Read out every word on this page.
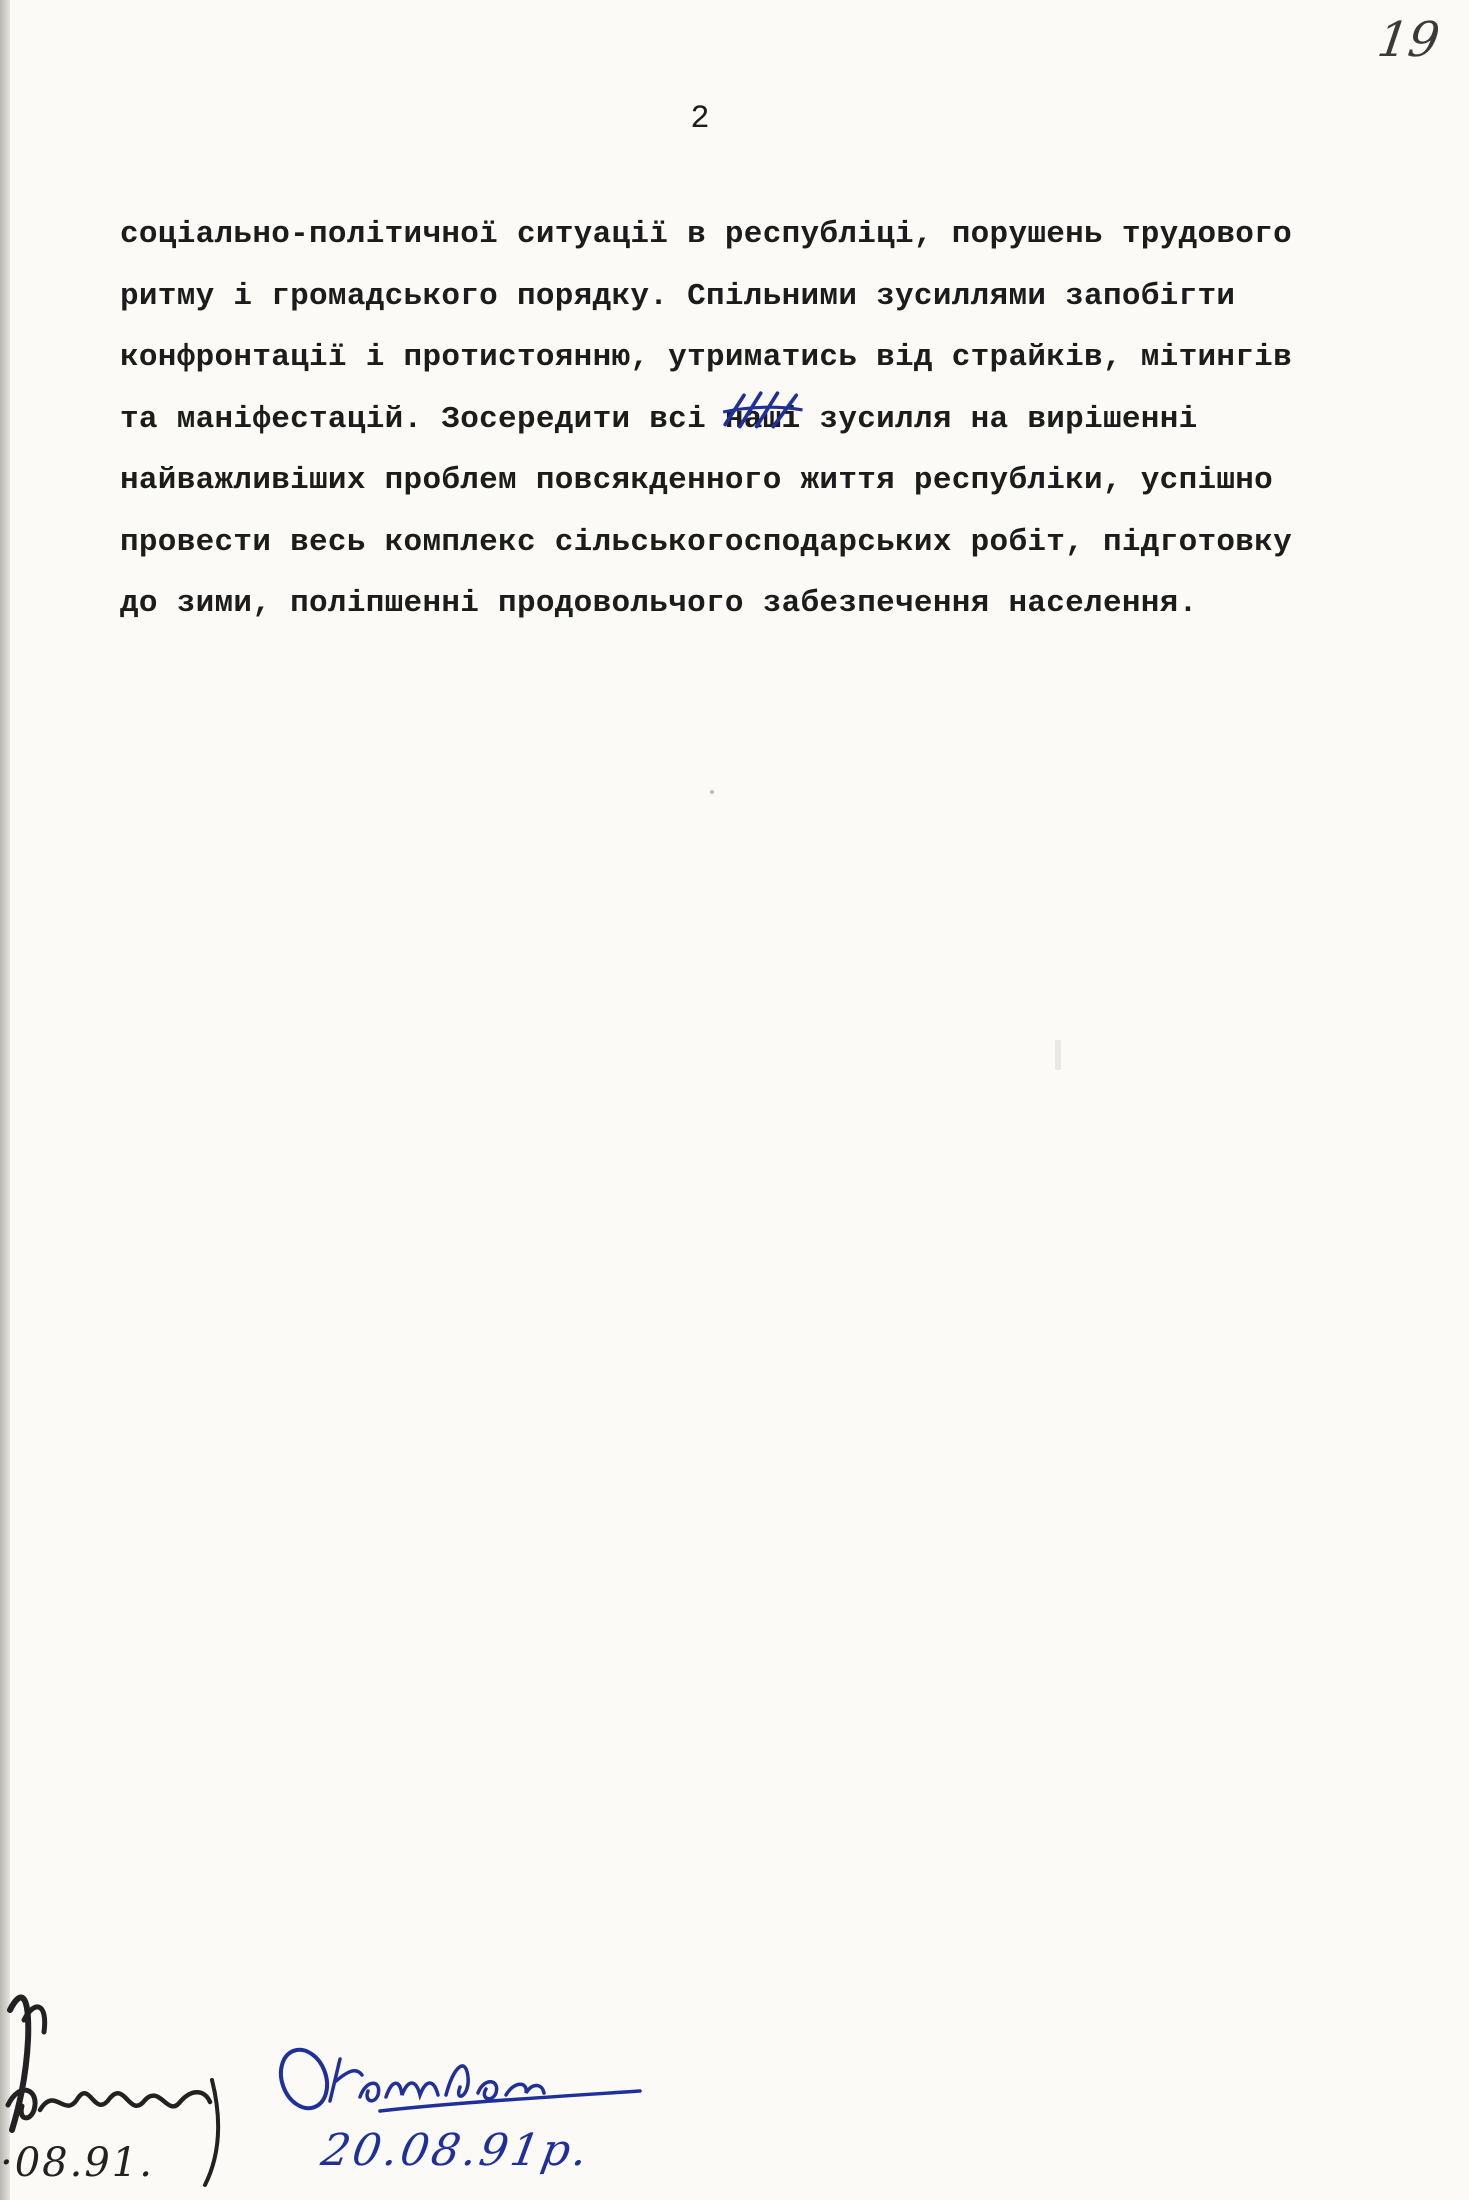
19
2
соціально-політичної ситуації в республіці, порушень трудового
ритму і громадського порядку. Спільними зусиллями запобігти
конфронтації і протистоянню, утриматись від страйків, мітингів
та маніфестацій. Зосередити всі наші
зусилля на вирішенні
найважливіших проблем повсякденного життя республіки, успішно
провести весь комплекс сільськогосподарських робіт, підготовку
до зими, поліпшенні продовольчого забезпечення населення.
·08.91.	20.08.91р.
